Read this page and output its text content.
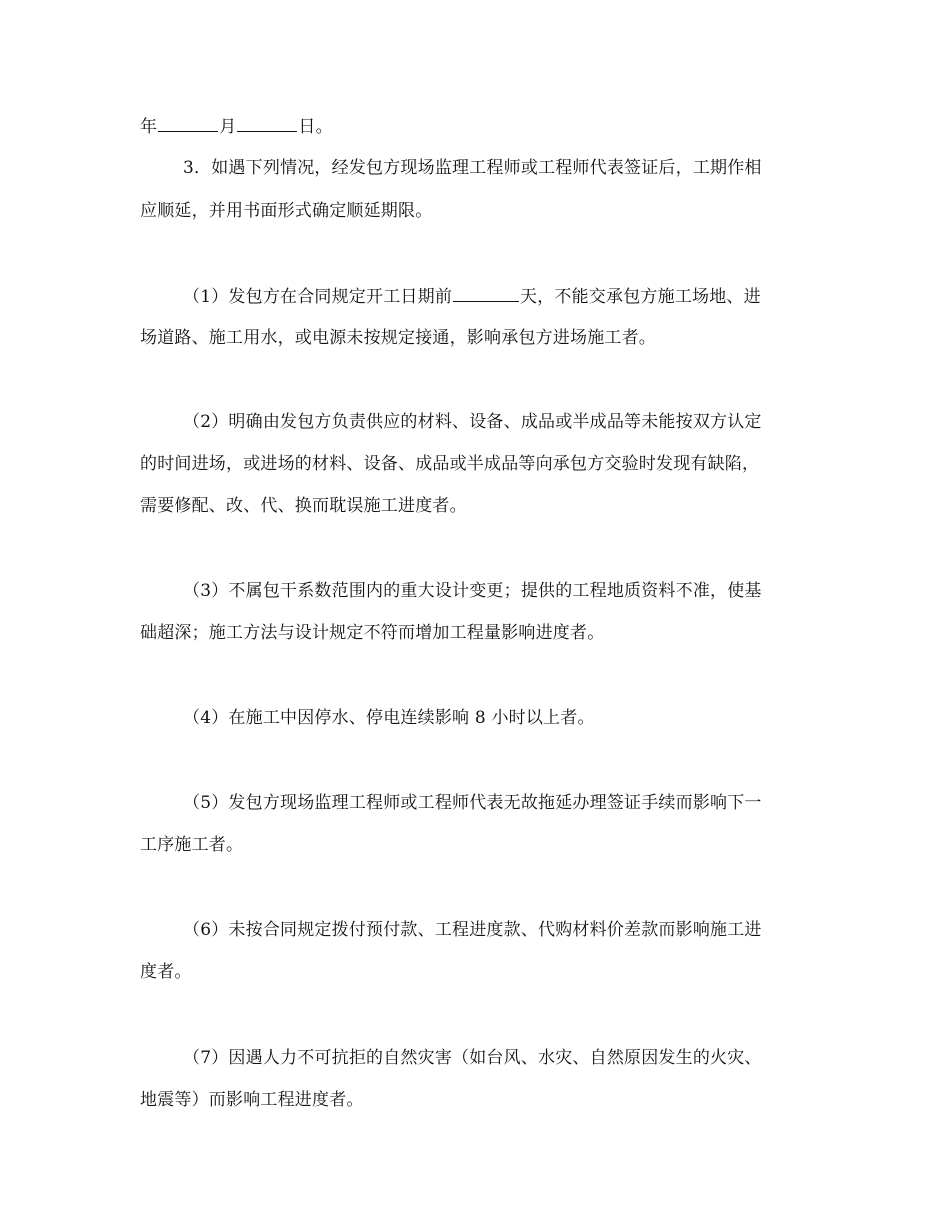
年	月	日。
3．如遇下列情况，经发包方现场监理工程师或工程师代表签证后，工期作相
应顺延，并用书面形式确定顺延期限。
（1）发包方在合同规定开工日期前	天，不能交承包方施工场地、进
场道路、施工用水，或电源未按规定接通，影响承包方进场施工者。
（2）明确由发包方负责供应的材料、设备、成品或半成品等未能按双方认定
的时间进场，或进场的材料、设备、成品或半成品等向承包方交验时发现有缺陷，
需要修配、改、代、换而耽误施工进度者。
（3）不属包干系数范围内的重大设计变更；提供的工程地质资料不准，使基
础超深；施工方法与设计规定不符而增加工程量影响进度者。
（4）在施工中因停水、停电连续影响 8 小时以上者。
（5）发包方现场监理工程师或工程师代表无故拖延办理签证手续而影响下一
工序施工者。
（6）未按合同规定拨付预付款、工程进度款、代购材料价差款而影响施工进
度者。
（7）因遇人力不可抗拒的自然灾害（如台风、水灾、自然原因发生的火灾、
地震等）而影响工程进度者。
